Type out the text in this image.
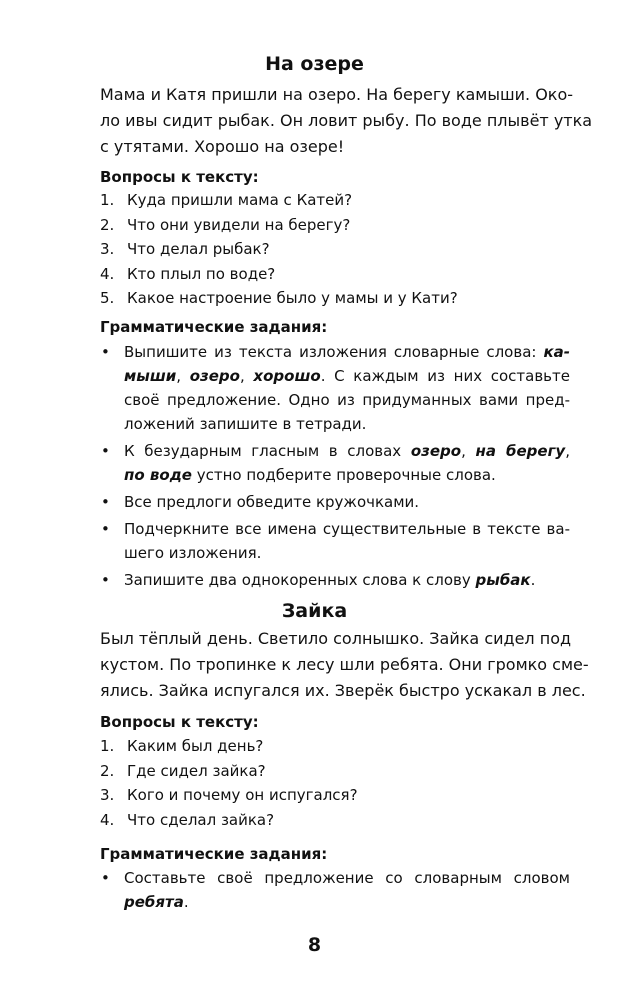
На озере

Мама и Катя пришли на озеро. На берегу камыши. Око-
ло ивы сидит рыбак. Он ловит рыбу. По воде плывёт утка
с утятами. Хорошо на озере!

Вопросы к тексту:
1. Куда пришли мама с Катей?
2. Что они увидели на берегу?
3. Что делал рыбак?
4. Кто плыл по воде?
5. Какое настроение было у мамы и у Кати?
Грамматические задания:
• Выпишите из текста изложения словарные слова: ка-
мыши, озеро, хорошо. С каждым из них составьте
своё предложение. Одно из придуманных вами пред-
ложений запишите в тетради.
• К безударным гласным в словах озеро, на берегу,
по воде устно подберите проверочные слова.
• Все предлоги обведите кружочками.
• Подчеркните все имена существительные в тексте ва-
шего изложения.
• Запишите два однокоренных слова к слову рыбак.
Зайка

Был тёплый день. Светило солнышко. Зайка сидел под
кустом. По тропинке к лесу шли ребята. Они громко сме-
ялись. Зайка испугался их. Зверёк быстро ускакал в лес.

Вопросы к тексту:
1. Каким был день?
2. Где сидел зайка?
3. Кого и почему он испугался?
4. Что сделал зайка?
Грамматические задания:
• Составьте своё предложение со словарным словом
ребята.
8
